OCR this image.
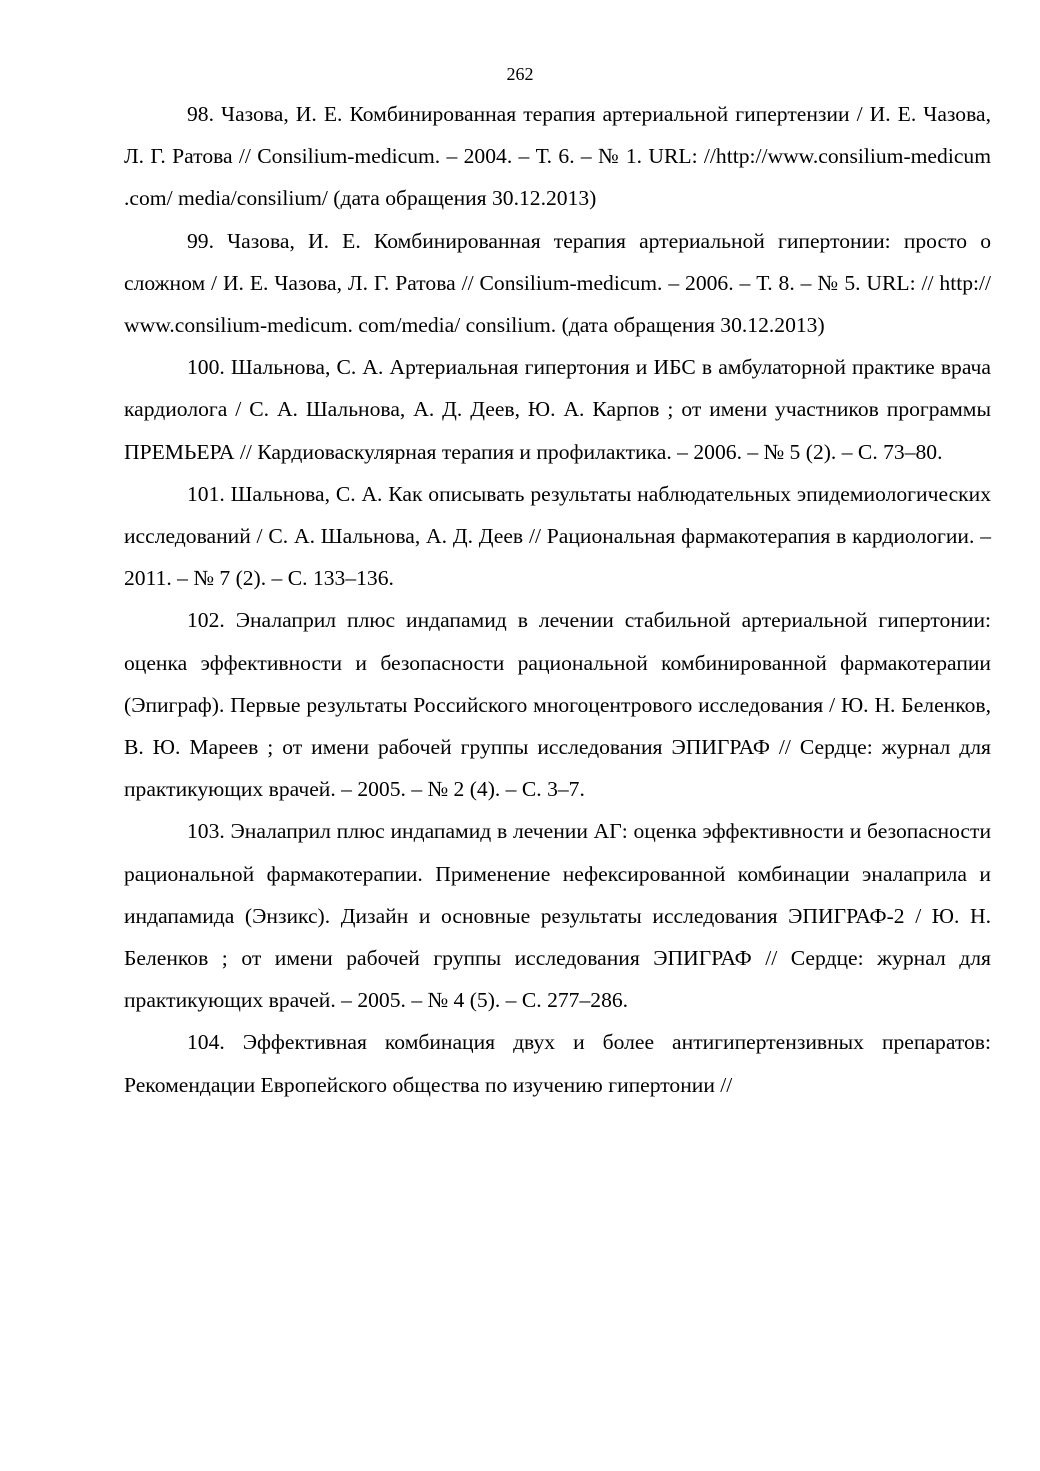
262

98. Чазова, И. Е. Комбинированная терапия артериальной гипертензии / И. Е. Чазова, Л. Г. Ратова // Consilium-medicum. – 2004. – Т. 6. – № 1. URL: //http://www.consilium-medicum .com/ media/consilium/ (дата обращения 30.12.2013)

99. Чазова, И. Е. Комбинированная терапия артериальной гипертонии: просто о сложном / И. Е. Чазова, Л. Г. Ратова // Consilium-medicum. – 2006. – Т. 8. – № 5. URL: // http:// www.consilium-medicum. com/media/ consilium. (дата обращения 30.12.2013)

100. Шальнова, С. А. Артериальная гипертония и ИБС в амбулаторной практике врача кардиолога / С. А. Шальнова, А. Д. Деев, Ю. А. Карпов ; от имени участников программы ПРЕМЬЕРА // Кардиоваскулярная терапия и профилактика. – 2006. – № 5 (2). – С. 73–80.

101. Шальнова, С. А. Как описывать результаты наблюдательных эпидемиологических исследований / С. А. Шальнова, А. Д. Деев // Рациональная фармакотерапия в кардиологии. – 2011. – № 7 (2). – С. 133–136.

102. Эналаприл плюс индапамид в лечении стабильной артериальной гипертонии: оценка эффективности и безопасности рациональной комбинированной фармакотерапии (Эпиграф). Первые результаты Российского многоцентрового исследования / Ю. Н. Беленков, В. Ю. Мареев ; от имени рабочей группы исследования ЭПИГРАФ // Сердце: журнал для практикующих врачей. – 2005. – № 2 (4). – С. 3–7.

103. Эналаприл плюс индапамид в лечении АГ: оценка эффективности и безопасности рациональной фармакотерапии. Применение нефексированной комбинации эналаприла и индапамида (Энзикс). Дизайн и основные результаты исследования ЭПИГРАФ-2 / Ю. Н. Беленков ; от имени рабочей группы исследования ЭПИГРАФ // Сердце: журнал для практикующих врачей. – 2005. – № 4 (5). – С. 277–286.

104. Эффективная комбинация двух и более антигипертензивных препаратов: Рекомендации Европейского общества по изучению гипертонии //
